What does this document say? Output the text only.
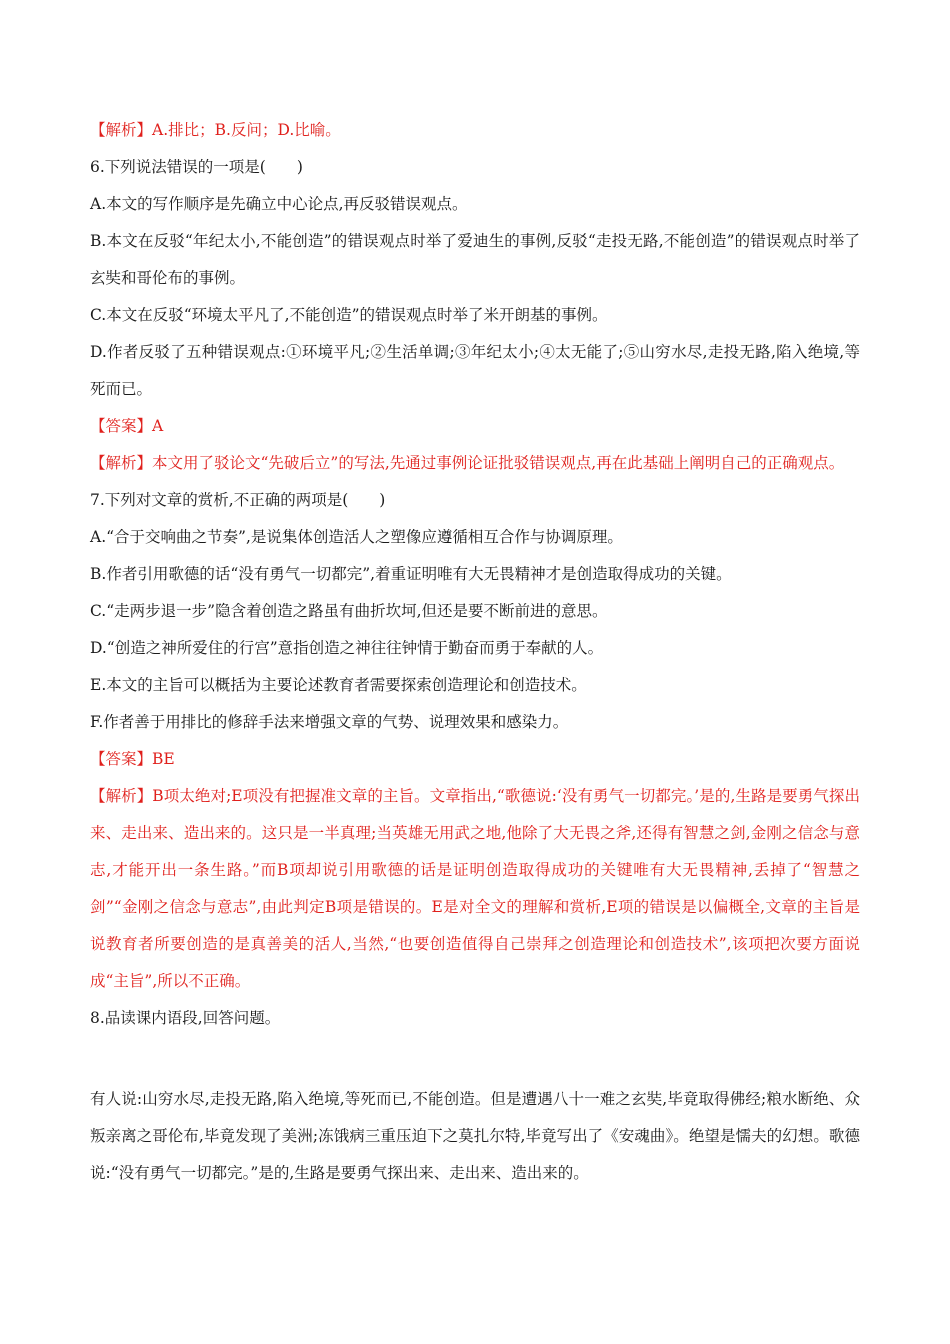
【解析】A.排比；B.反问；D.比喻。
6.下列说法错误的一项是(　　)
A.本文的写作顺序是先确立中心论点,再反驳错误观点。
B.本文在反驳“年纪太小,不能创造”的错误观点时举了爱迪生的事例,反驳“走投无路,不能创造”的错误观点时举了玄奘和哥伦布的事例。
C.本文在反驳“环境太平凡了,不能创造”的错误观点时举了米开朗基的事例。
D.作者反驳了五种错误观点:①环境平凡;②生活单调;③年纪太小;④太无能了;⑤山穷水尽,走投无路,陷入绝境,等死而已。
【答案】A
【解析】本文用了驳论文“先破后立”的写法,先通过事例论证批驳错误观点,再在此基础上阐明自己的正确观点。
7.下列对文章的赏析,不正确的两项是(　　)
A.“合于交响曲之节奏”,是说集体创造活人之塑像应遵循相互合作与协调原理。
B.作者引用歌德的话“没有勇气一切都完”,着重证明唯有大无畏精神才是创造取得成功的关键。
C.“走两步退一步”隐含着创造之路虽有曲折坎坷,但还是要不断前进的意思。
D.“创造之神所爱住的行宫”意指创造之神往往钟情于勤奋而勇于奉献的人。
E.本文的主旨可以概括为主要论述教育者需要探索创造理论和创造技术。
F.作者善于用排比的修辞手法来增强文章的气势、说理效果和感染力。
【答案】BE
【解析】B项太绝对;E项没有把握准文章的主旨。文章指出,“歌德说:‘没有勇气一切都完。’是的,生路是要勇气探出来、走出来、造出来的。这只是一半真理;当英雄无用武之地,他除了大无畏之斧,还得有智慧之剑,金刚之信念与意志,才能开出一条生路。”而B项却说引用歌德的话是证明创造取得成功的关键唯有大无畏精神,丢掉了“智慧之剑”“金刚之信念与意志”,由此判定B项是错误的。E是对全文的理解和赏析,E项的错误是以偏概全,文章的主旨是说教育者所要创造的是真善美的活人,当然,“也要创造值得自己崇拜之创造理论和创造技术”,该项把次要方面说成“主旨”,所以不正确。
8.品读课内语段,回答问题。
有人说:山穷水尽,走投无路,陷入绝境,等死而已,不能创造。但是遭遇八十一难之玄奘,毕竟取得佛经;粮水断绝、众叛亲离之哥伦布,毕竟发现了美洲;冻饿病三重压迫下之莫扎尔特,毕竟写出了《安魂曲》。绝望是懦夫的幻想。歌德说:“没有勇气一切都完。”是的,生路是要勇气探出来、走出来、造出来的。
